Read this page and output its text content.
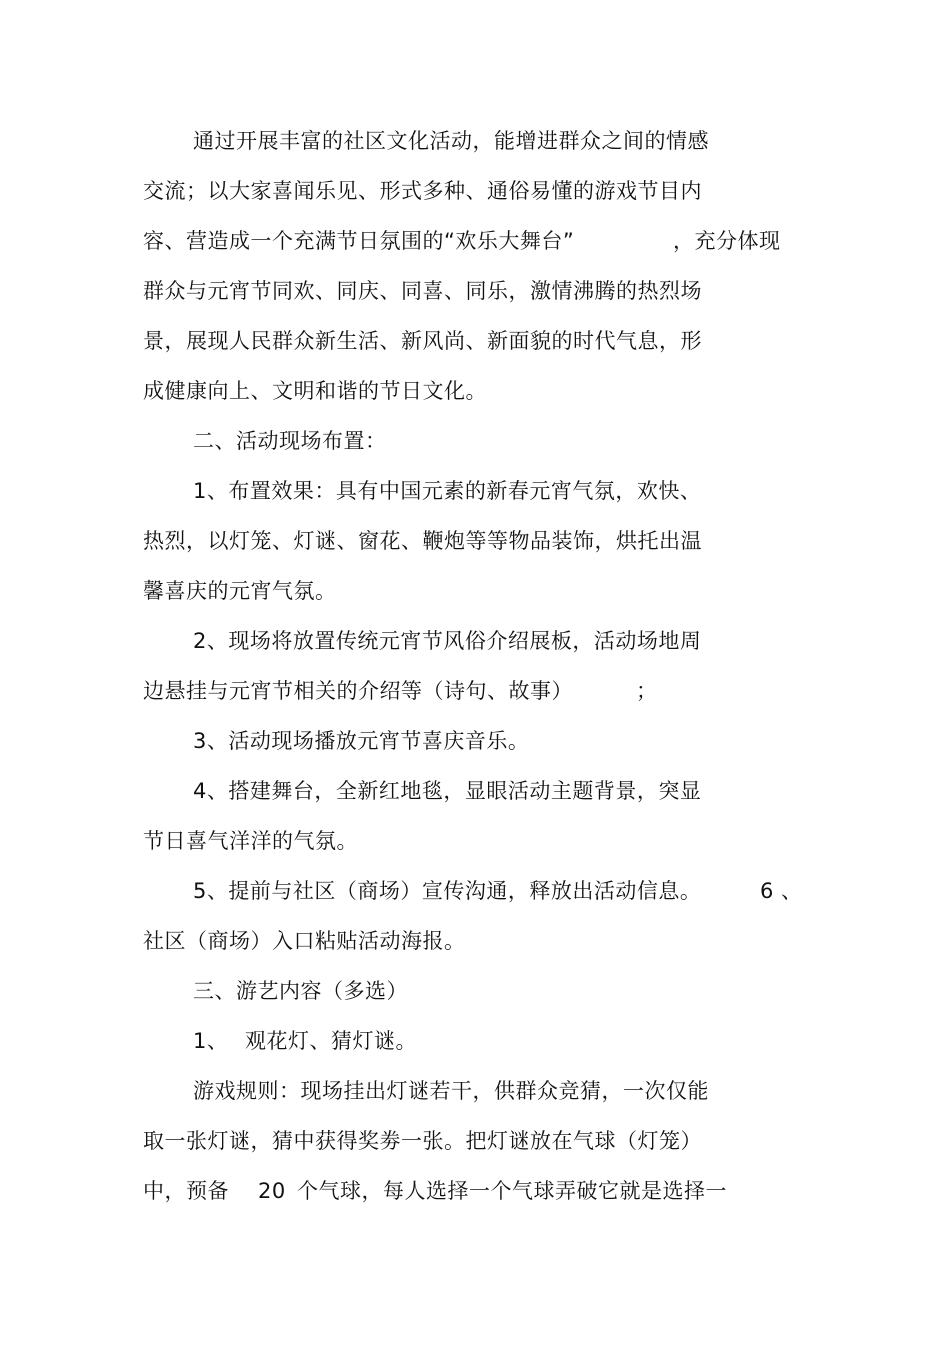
通过开展丰富的社区文化活动，能增进群众之间的情感
交流；以大家喜闻乐见、形式多种、通俗易懂的游戏节目内
容、营造成一个充满节日氛围的“欢乐大舞台”	，充分体现
群众与元宵节同欢、同庆、同喜、同乐，激情沸腾的热烈场
景，展现人民群众新生活、新风尚、新面貌的时代气息，形
成健康向上、文明和谐的节日文化。
二、活动现场布置：
1、布置效果：具有中国元素的新春元宵气氛，欢快、
热烈，以灯笼、灯谜、窗花、鞭炮等等物品装饰，烘托出温
馨喜庆的元宵气氛。
2、现场将放置传统元宵节风俗介绍展板，活动场地周
边悬挂与元宵节相关的介绍等（诗句、故事）	；
3、活动现场播放元宵节喜庆音乐。
4、搭建舞台，全新红地毯，显眼活动主题背景，突显
节日喜气洋洋的气氛。
5、提前与社区（商场）宣传沟通，释放出活动信息。	6 、
社区（商场）入口粘贴活动海报。
三、游艺内容（多选）
1、 观花灯、猜灯谜。
游戏规则：现场挂出灯谜若干，供群众竞猜，一次仅能
取一张灯谜，猜中获得奖劵一张。把灯谜放在气球（灯笼）
中，预备 20 个气球，每人选择一个气球弄破它就是选择一
